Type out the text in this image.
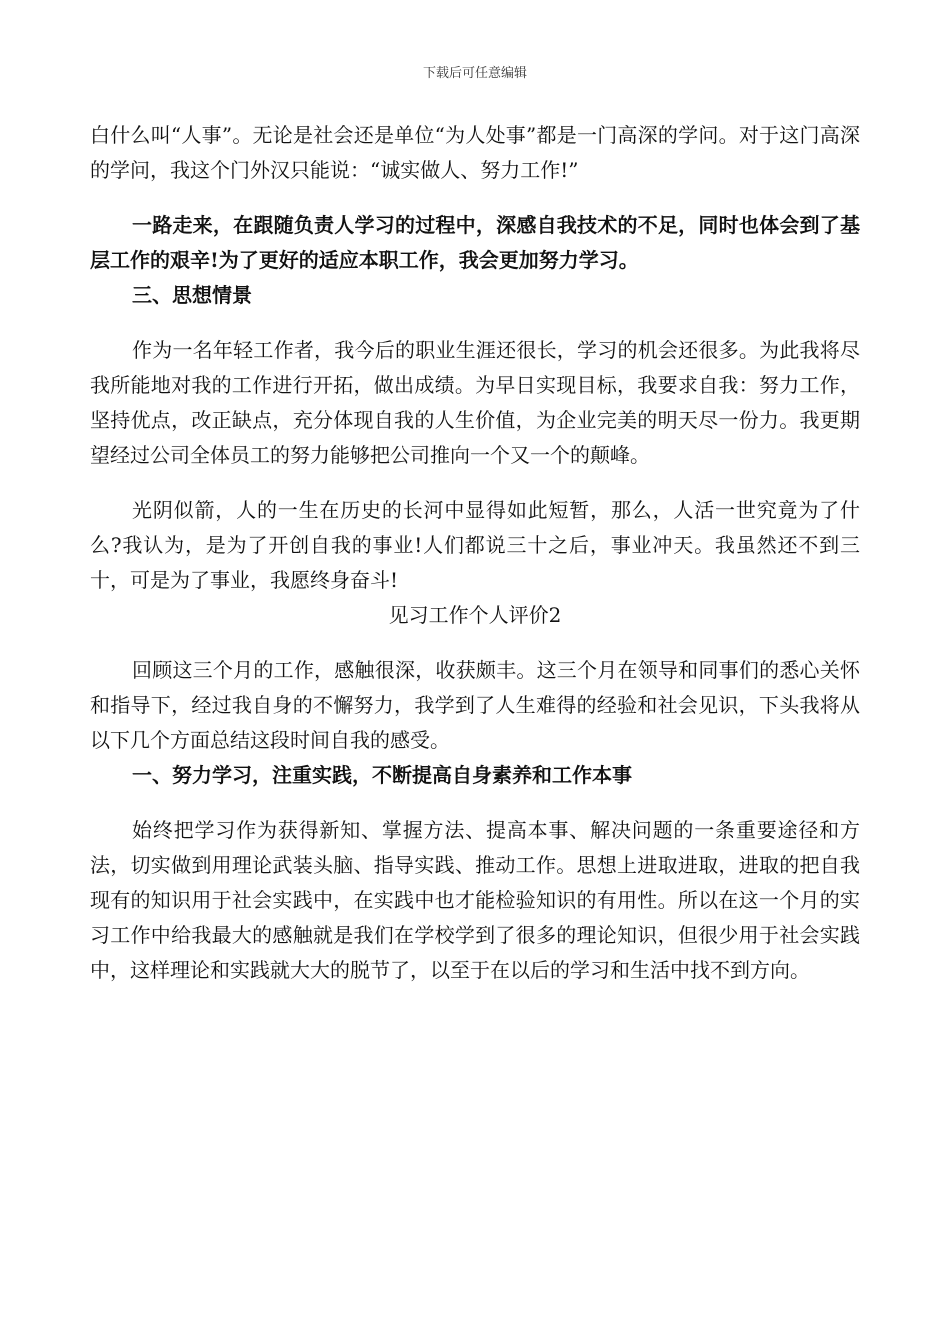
下载后可任意编辑

白什么叫“人事”。无论是社会还是单位“为人处事”都是一门高深的学问。对于这门高深的学问，我这个门外汉只能说：“诚实做人、努力工作!”

一路走来，在跟随负责人学习的过程中，深感自我技术的不足，同时也体会到了基层工作的艰辛!为了更好的适应本职工作，我会更加努力学习。

三、思想情景

作为一名年轻工作者，我今后的职业生涯还很长，学习的机会还很多。为此我将尽我所能地对我的工作进行开拓，做出成绩。为早日实现目标，我要求自我：努力工作，坚持优点，改正缺点，充分体现自我的人生价值，为企业完美的明天尽一份力。我更期望经过公司全体员工的努力能够把公司推向一个又一个的颠峰。

光阴似箭，人的一生在历史的长河中显得如此短暂，那么，人活一世究竟为了什么?我认为，是为了开创自我的事业!人们都说三十之后，事业冲天。我虽然还不到三十，可是为了事业，我愿终身奋斗!

见习工作个人评价2

回顾这三个月的工作，感触很深，收获颇丰。这三个月在领导和同事们的悉心关怀和指导下，经过我自身的不懈努力，我学到了人生难得的经验和社会见识，下头我将从以下几个方面总结这段时间自我的感受。

一、努力学习，注重实践，不断提高自身素养和工作本事

始终把学习作为获得新知、掌握方法、提高本事、解决问题的一条重要途径和方法，切实做到用理论武装头脑、指导实践、推动工作。思想上进取进取，进取的把自我现有的知识用于社会实践中，在实践中也才能检验知识的有用性。所以在这一个月的实习工作中给我最大的感触就是我们在学校学到了很多的理论知识，但很少用于社会实践中，这样理论和实践就大大的脱节了，以至于在以后的学习和生活中找不到方向。
